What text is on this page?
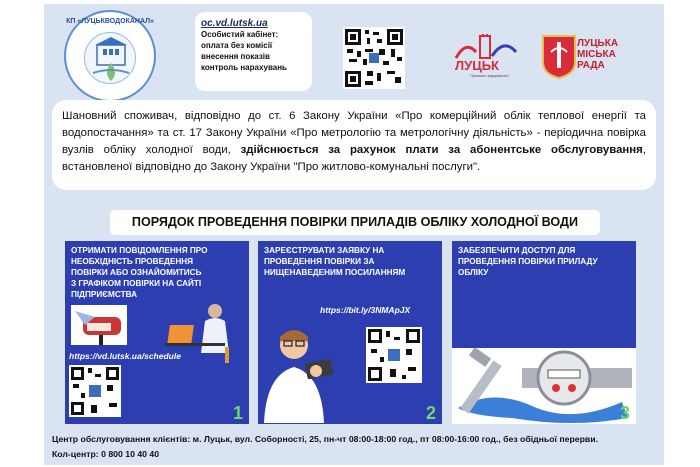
КП «ЛУЦЬКВОДОКАНАЛ»	oc.vd.lutsk.ua
Особистий кабінет:
оплата без комісії
внесення показів
контроль нарахувань	ЛУЦЬК
Приємно відкривати!
ЛУЦЬКА
МІСЬКА
РАДА
Шановний споживач, відповідно до ст. 6 Закону України «Про комерційний облік теплової енергії та водопостачання» та ст. 17 Закону України «Про метрологію та метрологічну діяльність» - періодична повірка вузлів обліку холодної води, здійснюється за рахунок плати за абонентське обслуговування, встановленої відповідно до Закону України "Про житлово-комунальні послуги".
ПОРЯДОК ПРОВЕДЕННЯ ПОВІРКИ ПРИЛАДІВ ОБЛІКУ ХОЛОДНОЇ ВОДИ
ОТРИМАТИ ПОВІДОМЛЕННЯ ПРО
НЕОБХІДНІСТЬ ПРОВЕДЕННЯ
ПОВІРКИ АБО ОЗНАЙОМИТИСЬ
З ГРАФІКОМ ПОВІРКИ НА САЙТІ
ПІДПРИЄМСТВА
https://vd.lutsk.ua/schedule
1
ЗАРЕЄСТРУВАТИ ЗАЯВКУ НА
ПРОВЕДЕННЯ ПОВІРКИ ЗА
НИЩЕНАВЕДЕНИМ ПОСИЛАННЯМ
https://bit.ly/3NMApJX
2
ЗАБЕЗПЕЧИТИ ДОСТУП ДЛЯ
ПРОВЕДЕННЯ ПОВІРКИ ПРИЛАДУ
ОБЛІКУ
3
Центр обслуговування клієнтів: м. Луцьк, вул. Соборності, 25, пн-чт 08:00-18:00 год., пт 08:00-16:00 год., без обідньої перерви.
Кол-центр: 0 800 10 40 40
